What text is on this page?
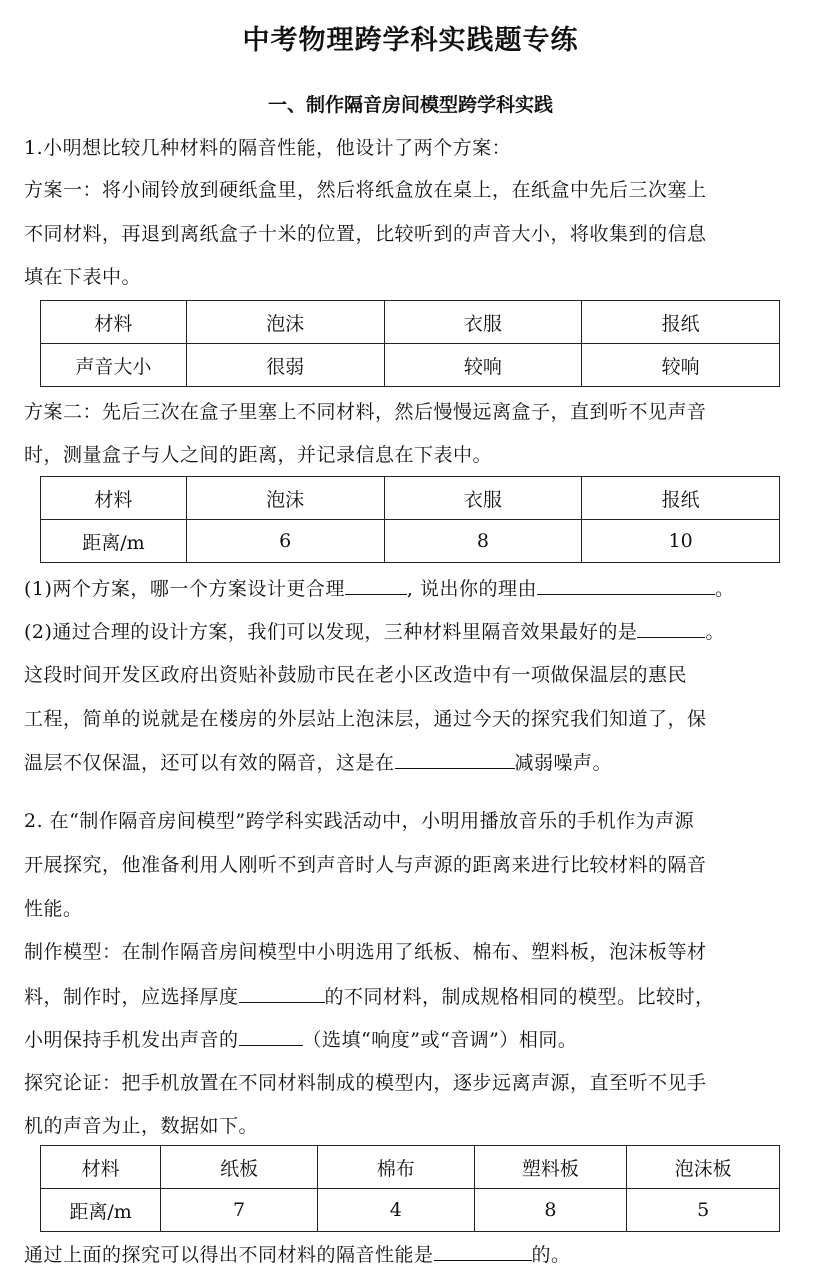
中考物理跨学科实践题专练
一、制作隔音房间模型跨学科实践
1.小明想比较几种材料的隔音性能，他设计了两个方案：
方案一：将小闹铃放到硬纸盒里，然后将纸盒放在桌上，在纸盒中先后三次塞上
不同材料，再退到离纸盒子十米的位置，比较听到的声音大小，将收集到的信息
填在下表中。
材料	泡沫	衣服	报纸
声音大小	很弱	较响	较响
方案二：先后三次在盒子里塞上不同材料，然后慢慢远离盒子，直到听不见声音
时，测量盒子与人之间的距离，并记录信息在下表中。
材料	泡沫	衣服	报纸
距离/m	6	8	10
(1)两个方案，哪一个方案设计更合理	, 说出你的理由	。
(2)通过合理的设计方案，我们可以发现，三种材料里隔音效果最好的是	。
这段时间开发区政府出资贴补鼓励市民在老小区改造中有一项做保温层的惠民
工程，简单的说就是在楼房的外层站上泡沫层，通过今天的探究我们知道了，保
温层不仅保温，还可以有效的隔音，这是在	减弱噪声。
2. 在“制作隔音房间模型”跨学科实践活动中，小明用播放音乐的手机作为声源
开展探究，他准备利用人刚听不到声音时人与声源的距离来进行比较材料的隔音
性能。
制作模型：在制作隔音房间模型中小明选用了纸板、棉布、塑料板，泡沫板等材
料，制作时，应选择厚度	的不同材料，制成规格相同的模型。比较时，
小明保持手机发出声音的	（选填“响度”或“音调”）相同。
探究论证：把手机放置在不同材料制成的模型内，逐步远离声源，直至听不见手
机的声音为止，数据如下。
材料	纸板	棉布	塑料板	泡沫板
距离/m	7	4	8	5
通过上面的探究可以得出不同材料的隔音性能是	的。
